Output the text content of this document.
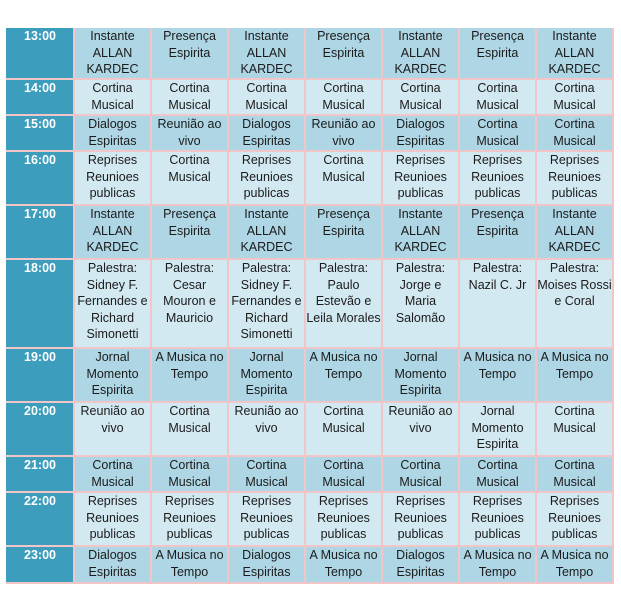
13:00	Instante ALLAN KARDEC	Presença Espirita	Instante ALLAN KARDEC	Presença Espirita	Instante ALLAN KARDEC	Presença Espirita	Instante ALLAN KARDEC
14:00	Cortina Musical	Cortina Musical	Cortina Musical	Cortina Musical	Cortina Musical	Cortina Musical	Cortina Musical
15:00	Dialogos Espiritas	Reunião ao vivo	Dialogos Espiritas	Reunião ao vivo	Dialogos Espiritas	Cortina Musical	Cortina Musical
16:00	Reprises Reunioes publicas	Cortina Musical	Reprises Reunioes publicas	Cortina Musical	Reprises Reunioes publicas	Reprises Reunioes publicas	Reprises Reunioes publicas
17:00	Instante ALLAN KARDEC	Presença Espirita	Instante ALLAN KARDEC	Presença Espirita	Instante ALLAN KARDEC	Presença Espirita	Instante ALLAN KARDEC
18:00	Palestra: Sidney F. Fernandes e Richard Simonetti	Palestra: Cesar Mouron e Mauricio	Palestra: Sidney F. Fernandes e Richard Simonetti	Palestra: Paulo Estevão e Leila Morales	Palestra: Jorge e Maria Salomão	Palestra: Nazil C. Jr	Palestra: Moises Rossi e Coral
19:00	Jornal Momento Espirita	A Musica no Tempo	Jornal Momento Espirita	A Musica no Tempo	Jornal Momento Espirita	A Musica no Tempo	A Musica no Tempo
20:00	Reunião ao vivo	Cortina Musical	Reunião ao vivo	Cortina Musical	Reunião ao vivo	Jornal Momento Espirita	Cortina Musical
21:00	Cortina Musical	Cortina Musical	Cortina Musical	Cortina Musical	Cortina Musical	Cortina Musical	Cortina Musical
22:00	Reprises Reunioes publicas	Reprises Reunioes publicas	Reprises Reunioes publicas	Reprises Reunioes publicas	Reprises Reunioes publicas	Reprises Reunioes publicas	Reprises Reunioes publicas
23:00	Dialogos Espiritas	A Musica no Tempo	Dialogos Espiritas	A Musica no Tempo	Dialogos Espiritas	A Musica no Tempo	A Musica no Tempo
